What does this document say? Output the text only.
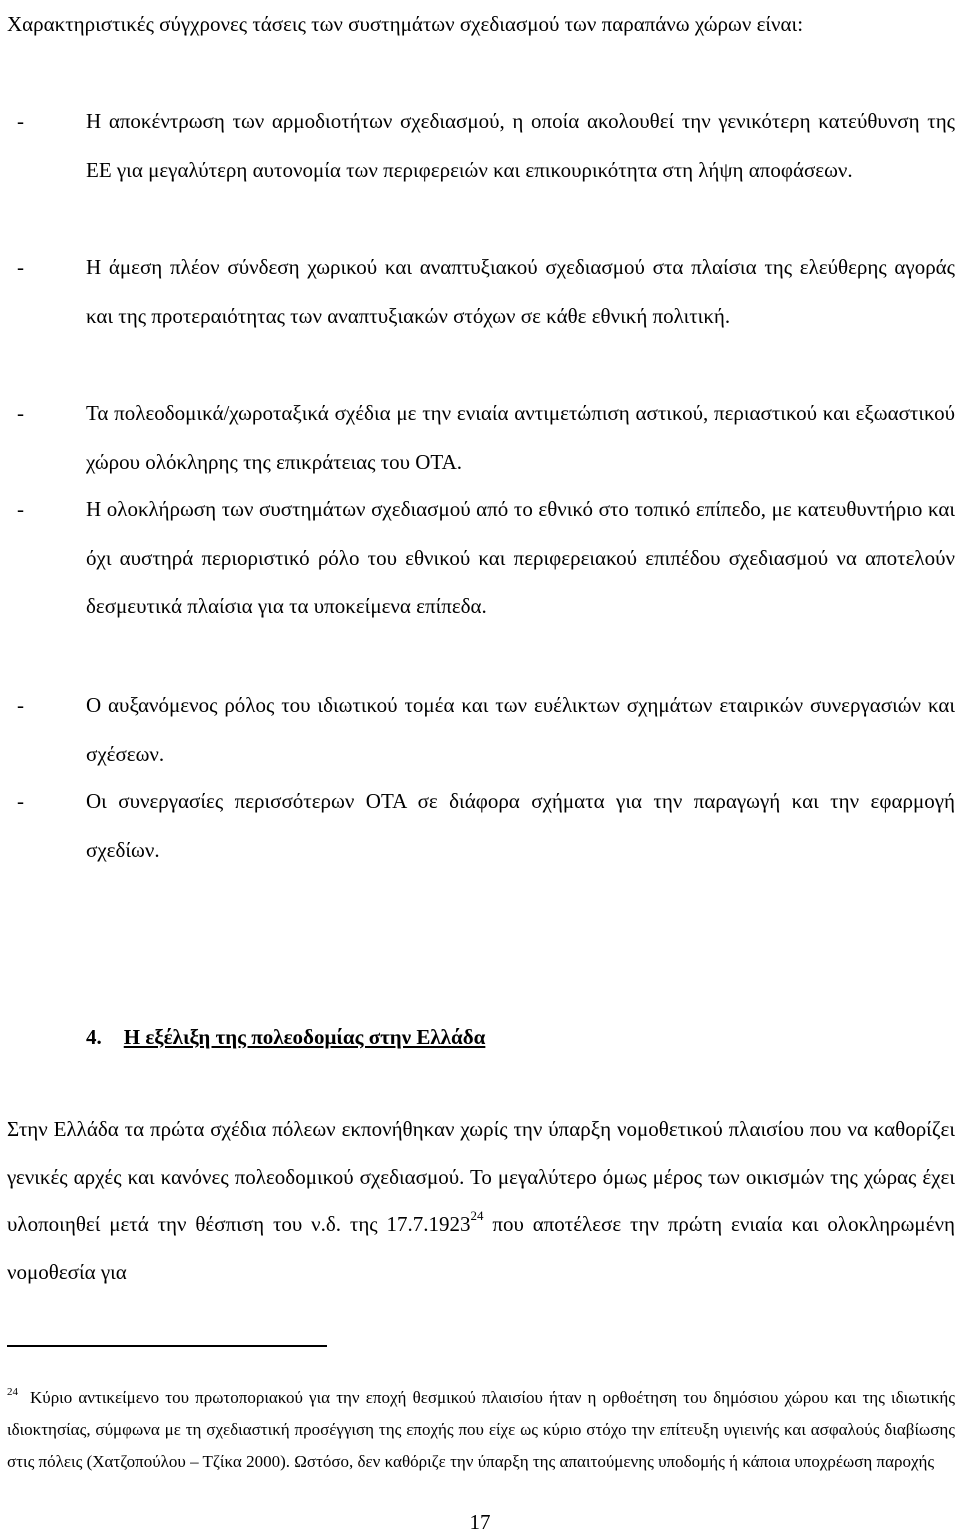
Χαρακτηριστικές σύγχρονες τάσεις των συστημάτων σχεδιασμού των παραπάνω χώρων είναι:

-	Η αποκέντρωση των αρμοδιοτήτων σχεδιασμού, η οποία ακολουθεί την γενικότερη κατεύθυνση της ΕΕ για μεγαλύτερη αυτονομία των περιφερειών και επικουρικότητα στη λήψη αποφάσεων.
-	Η άμεση πλέον σύνδεση χωρικού και αναπτυξιακού σχεδιασμού στα πλαίσια της ελεύθερης αγοράς και της προτεραιότητας των αναπτυξιακών στόχων σε κάθε εθνική πολιτική.
-	Τα πολεοδομικά/χωροταξικά σχέδια με την ενιαία αντιμετώπιση αστικού, περιαστικού και εξωαστικού χώρου ολόκληρης της επικράτειας του ΟΤΑ.
-	Η ολοκλήρωση των συστημάτων σχεδιασμού από το εθνικό στο τοπικό επίπεδο, με κατευθυντήριο και όχι αυστηρά περιοριστικό ρόλο του εθνικού και περιφερειακού επιπέδου σχεδιασμού να αποτελούν δεσμευτικά πλαίσια για τα υποκείμενα επίπεδα.
-	Ο αυξανόμενος ρόλος του ιδιωτικού τομέα και των ευέλικτων σχημάτων εταιρικών συνεργασιών και σχέσεων.
-	Οι συνεργασίες περισσότερων ΟΤΑ σε διάφορα σχήματα για την παραγωγή και την εφαρμογή σχεδίων.
4. Η εξέλιξη της πολεοδομίας στην Ελλάδα
Στην Ελλάδα τα πρώτα σχέδια πόλεων εκπονήθηκαν χωρίς την ύπαρξη νομοθετικού πλαισίου που να καθορίζει γενικές αρχές και κανόνες πολεοδομικού σχεδιασμού. Το μεγαλύτερο όμως μέρος των οικισμών της χώρας έχει υλοποιηθεί μετά την θέσπιση του ν.δ. της 17.7.1923$^{24}$ που αποτέλεσε την πρώτη ενιαία και ολοκληρωμένη νομοθεσία για
$^{24}$ Κύριο αντικείμενο του πρωτοποριακού για την εποχή θεσμικού πλαισίου ήταν η ορθοέτηση του δημόσιου χώρου και της ιδιωτικής ιδιοκτησίας, σύμφωνα με τη σχεδιαστική προσέγγιση της εποχής που είχε ως κύριο στόχο την επίτευξη υγιεινής και ασφαλούς διαβίωσης στις πόλεις (Χατζοπούλου – Τζίκα 2000). Ωστόσο, δεν καθόριζε την ύπαρξη της απαιτούμενης υποδομής ή κάποια υποχρέωση παροχής
17
